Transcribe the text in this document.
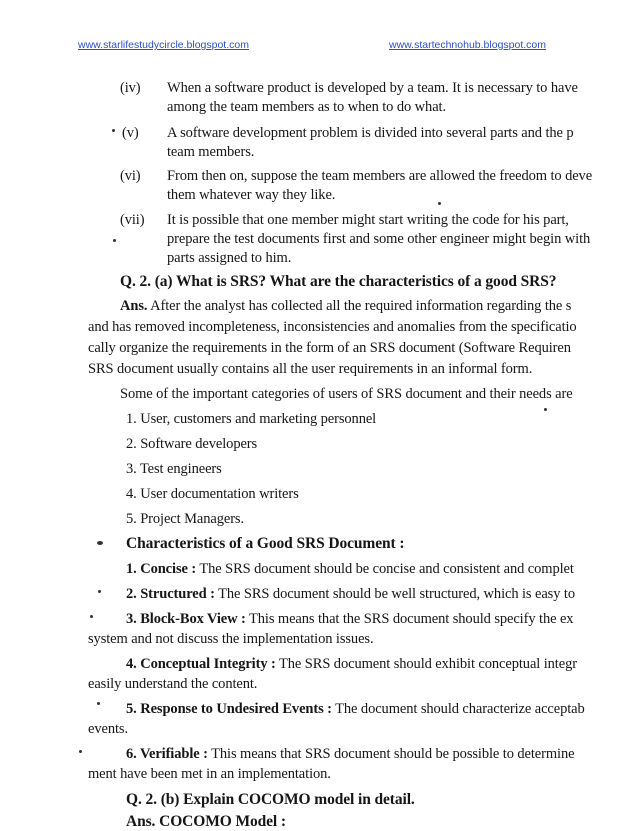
www.starlifestudycircle.blogspot.com	www.startechnohub.blogspot.com
(iv) When a software product is developed by a team. It is necessary to have
among the team members as to when to do what.
(v) A software development problem is divided into several parts and the p
team members.
(vi) From then on, suppose the team members are allowed the freedom to deve
them whatever way they like.
(vii) It is possible that one member might start writing the code for his part,
prepare the test documents first and some other engineer might begin with
parts assigned to him.
Q. 2. (a) What is SRS? What are the characteristics of a good SRS?
Ans. After the analyst has collected all the required information regarding the s
and has removed incompleteness, inconsistencies and anomalies from the specificatio
cally organize the requirements in the form of an SRS document (Software Requiren
SRS document usually contains all the user requirements in an informal form.
Some of the important categories of users of SRS document and their needs are
1. User, customers and marketing personnel
2. Software developers
3. Test engineers
4. User documentation writers
5. Project Managers.
Characteristics of a Good SRS Document :
1. Concise : The SRS document should be concise and consistent and complet
2. Structured : The SRS document should be well structured, which is easy to
3. Block-Box View : This means that the SRS document should specify the ex
system and not discuss the implementation issues.
4. Conceptual Integrity : The SRS document should exhibit conceptual integr
easily understand the content.
5. Response to Undesired Events : The document should characterize acceptab
events.
6. Verifiable : This means that SRS document should be possible to determine
ment have been met in an implementation.
Q. 2. (b) Explain COCOMO model in detail.
Ans. COCOMO Model :
